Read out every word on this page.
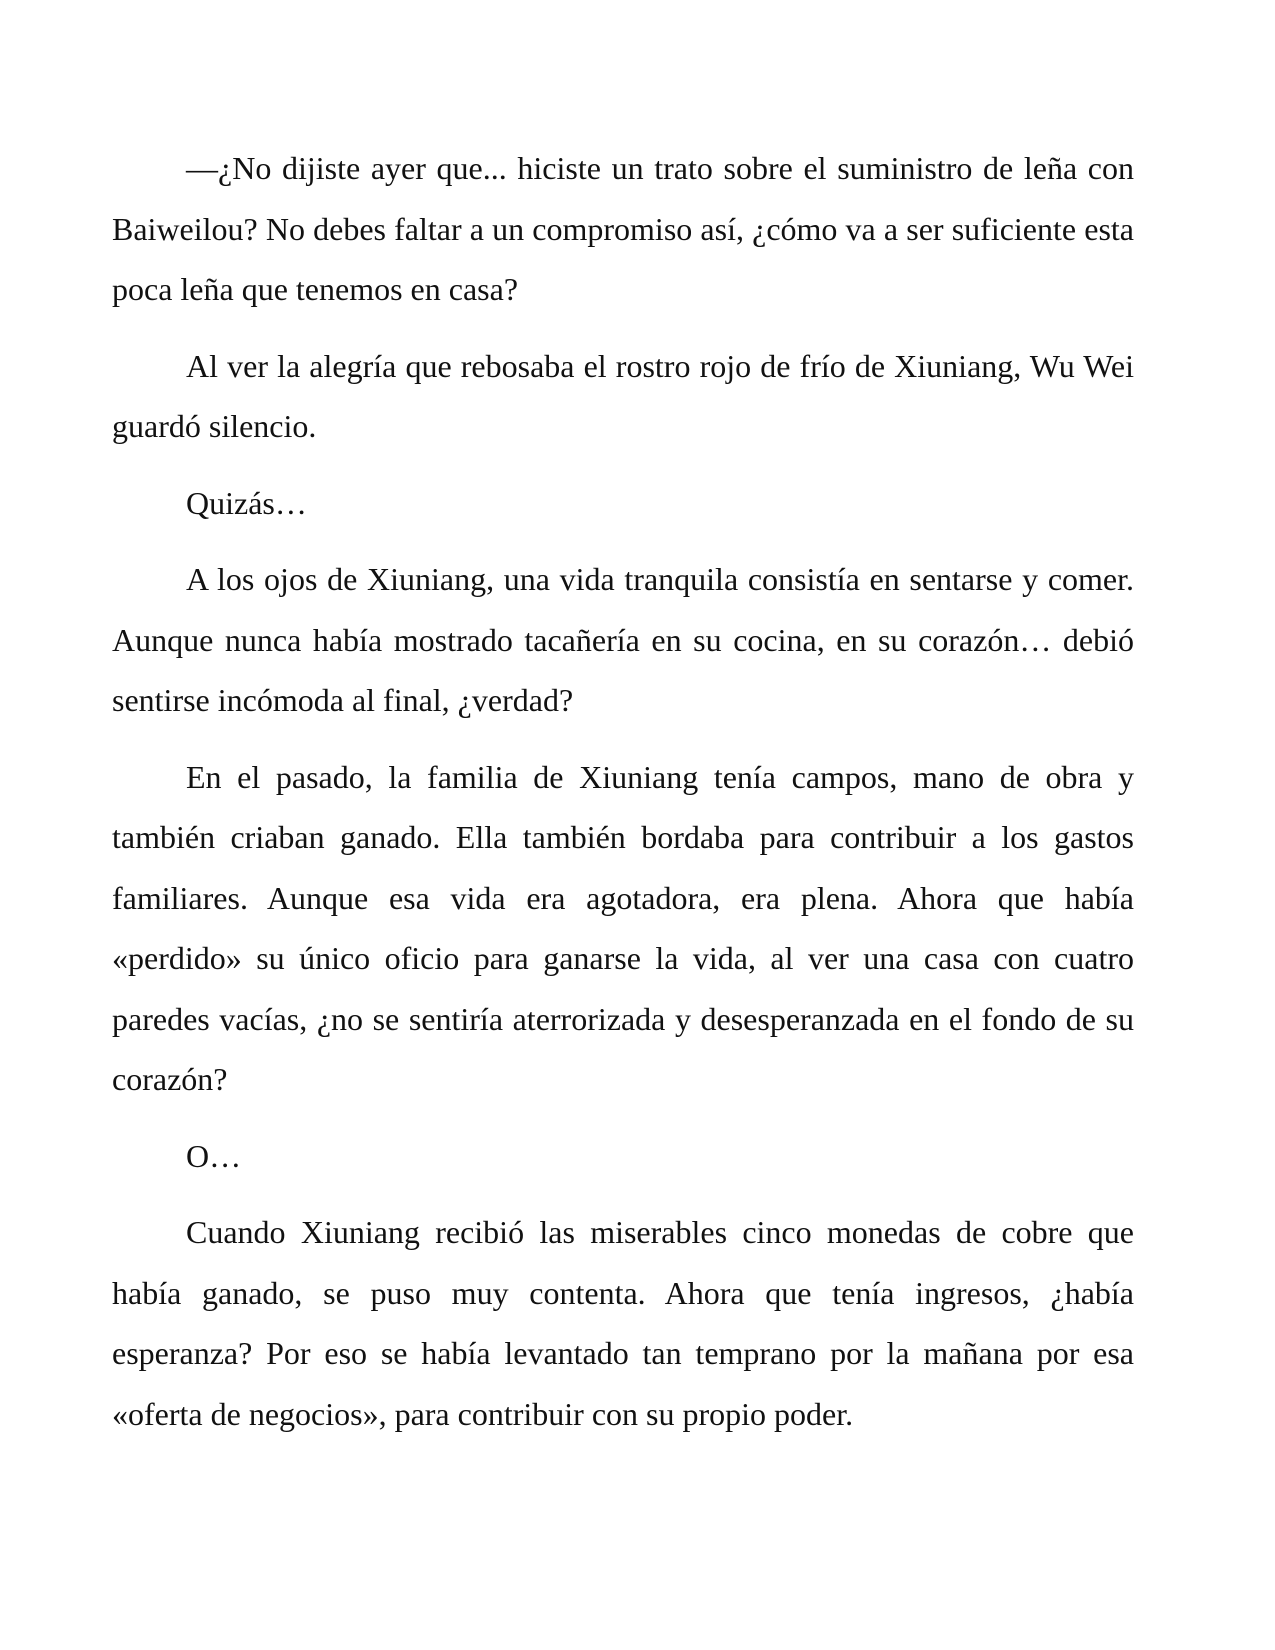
—¿No dijiste ayer que... hiciste un trato sobre el suministro de leña con Baiweilou? No debes faltar a un compromiso así, ¿cómo va a ser suficiente esta poca leña que tenemos en casa?

Al ver la alegría que rebosaba el rostro rojo de frío de Xiuniang, Wu Wei guardó silencio.

Quizás…

A los ojos de Xiuniang, una vida tranquila consistía en sentarse y comer. Aunque nunca había mostrado tacañería en su cocina, en su corazón… debió sentirse incómoda al final, ¿verdad?

En el pasado, la familia de Xiuniang tenía campos, mano de obra y también criaban ganado. Ella también bordaba para contribuir a los gastos familiares. Aunque esa vida era agotadora, era plena. Ahora que había «perdido» su único oficio para ganarse la vida, al ver una casa con cuatro paredes vacías, ¿no se sentiría aterrorizada y desesperanzada en el fondo de su corazón?

O…

Cuando Xiuniang recibió las miserables cinco monedas de cobre que había ganado, se puso muy contenta. Ahora que tenía ingresos, ¿había esperanza? Por eso se había levantado tan temprano por la mañana por esa «oferta de negocios», para contribuir con su propio poder.
